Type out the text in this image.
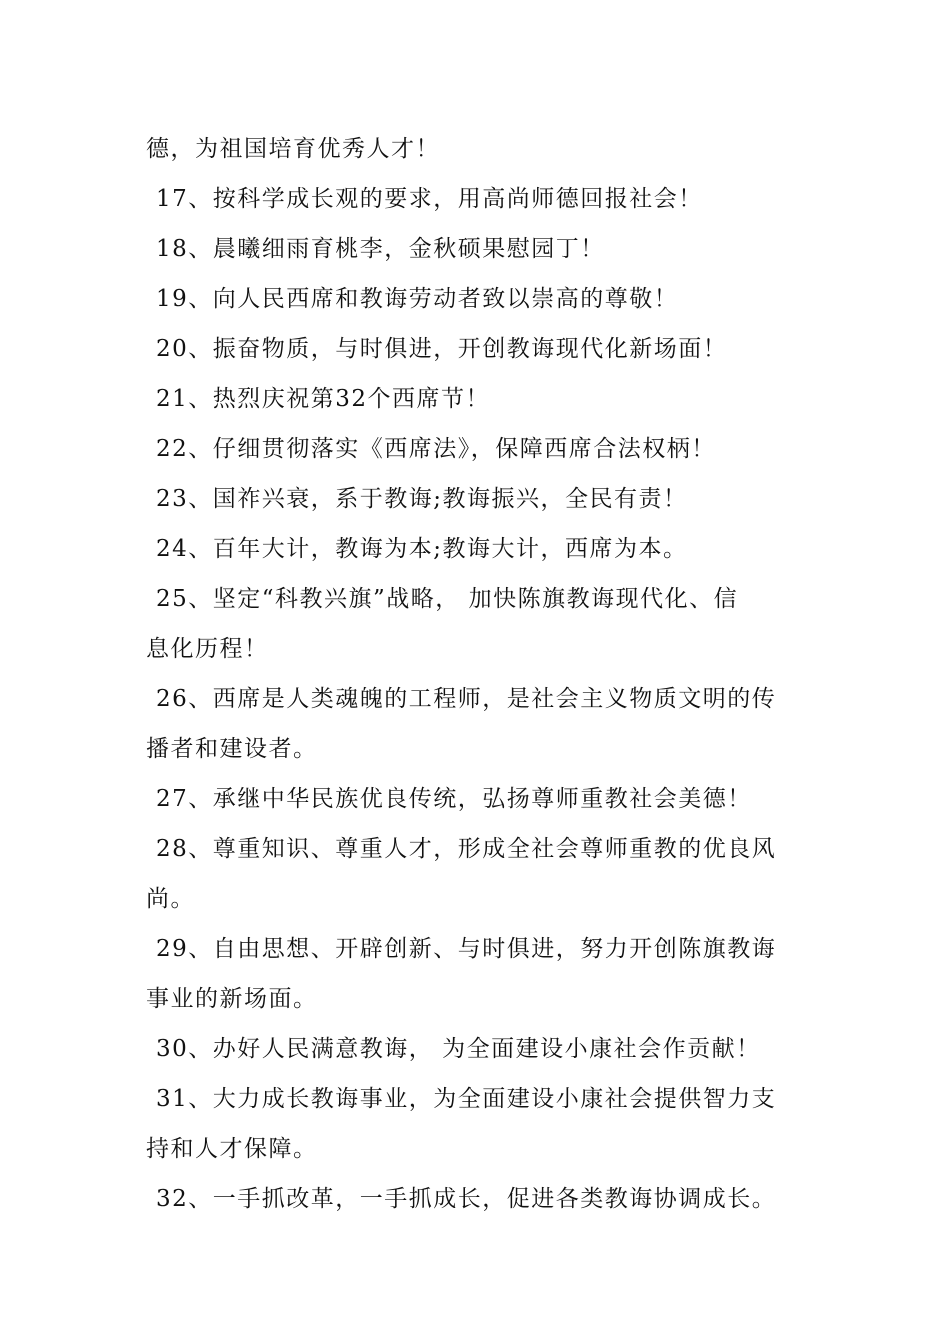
德，为祖国培育优秀人才！
17、按科学成长观的要求，用高尚师德回报社会！
18、晨曦细雨育桃李，金秋硕果慰园丁！
19、向人民西席和教诲劳动者致以崇高的尊敬！
20、振奋物质，与时俱进，开创教诲现代化新场面！
21、热烈庆祝第32个西席节！
22、仔细贯彻落实《西席法》，保障西席合法权柄！
23、国祚兴衰，系于教诲;教诲振兴，全民有责！
24、百年大计，教诲为本;教诲大计，西席为本。
25、坚定“科教兴旗”战略， 加快陈旗教诲现代化、信
息化历程！
26、西席是人类魂魄的工程师，是社会主义物质文明的传
播者和建设者。
27、承继中华民族优良传统，弘扬尊师重教社会美德！
28、尊重知识、尊重人才，形成全社会尊师重教的优良风
尚。
29、自由思想、开辟创新、与时俱进，努力开创陈旗教诲
事业的新场面。
30、办好人民满意教诲， 为全面建设小康社会作贡献！
31、大力成长教诲事业，为全面建设小康社会提供智力支
持和人才保障。
32、一手抓改革，一手抓成长，促进各类教诲协调成长。
